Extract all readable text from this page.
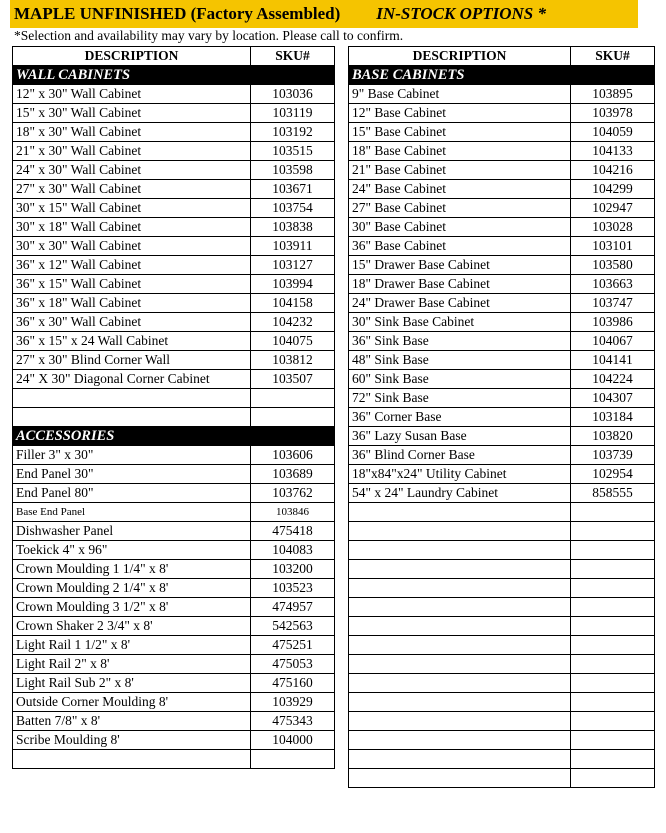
MAPLE UNFINISHED (Factory Assembled) IN-STOCK OPTIONS *
*Selection and availability may vary by location. Please call to confirm.
DESCRIPTION	SKU#
WALL CABINETS	
12" x 30" Wall Cabinet	103036
15" x 30" Wall Cabinet	103119
18" x 30" Wall Cabinet	103192
21" x 30" Wall Cabinet	103515
24" x 30" Wall Cabinet	103598
27" x 30" Wall Cabinet	103671
30" x 15" Wall Cabinet	103754
30" x 18" Wall Cabinet	103838
30" x 30" Wall Cabinet	103911
36" x 12" Wall Cabinet	103127
36" x 15" Wall Cabinet	103994
36" x 18" Wall Cabinet	104158
36" x 30" Wall Cabinet	104232
36" x 15" x 24 Wall Cabinet	104075
27" x 30" Blind Corner Wall	103812
24" X 30" Diagonal Corner Cabinet	103507

ACCESSORIES	
Filler 3" x 30"	103606
End Panel 30"	103689
End Panel 80"	103762
Base End Panel	103846
Dishwasher Panel	475418
Toekick 4" x 96"	104083
Crown Moulding 1 1/4" x 8'	103200
Crown Moulding 2 1/4" x 8'	103523
Crown Moulding 3 1/2" x 8'	474957
Crown Shaker 2 3/4" x 8'	542563
Light Rail 1 1/2" x 8'	475251
Light Rail 2" x 8'	475053
Light Rail Sub 2" x 8'	475160
Outside Corner Moulding 8'	103929
Batten 7/8" x 8'	475343
Scribe Moulding 8'	104000

DESCRIPTION	SKU#
BASE CABINETS	
9" Base Cabinet	103895
12" Base Cabinet	103978
15" Base Cabinet	104059
18" Base Cabinet	104133
21" Base Cabinet	104216
24" Base Cabinet	104299
27" Base Cabinet	102947
30" Base Cabinet	103028
36" Base Cabinet	103101
15" Drawer Base Cabinet	103580
18" Drawer Base Cabinet	103663
24" Drawer Base Cabinet	103747
30" Sink Base Cabinet	103986
36" Sink Base	104067
48" Sink Base	104141
60" Sink Base	104224
72" Sink Base	104307
36" Corner Base	103184
36" Lazy Susan Base	103820
36" Blind Corner Base	103739
18"x84"x24" Utility Cabinet	102954
54" x 24" Laundry Cabinet	858555
